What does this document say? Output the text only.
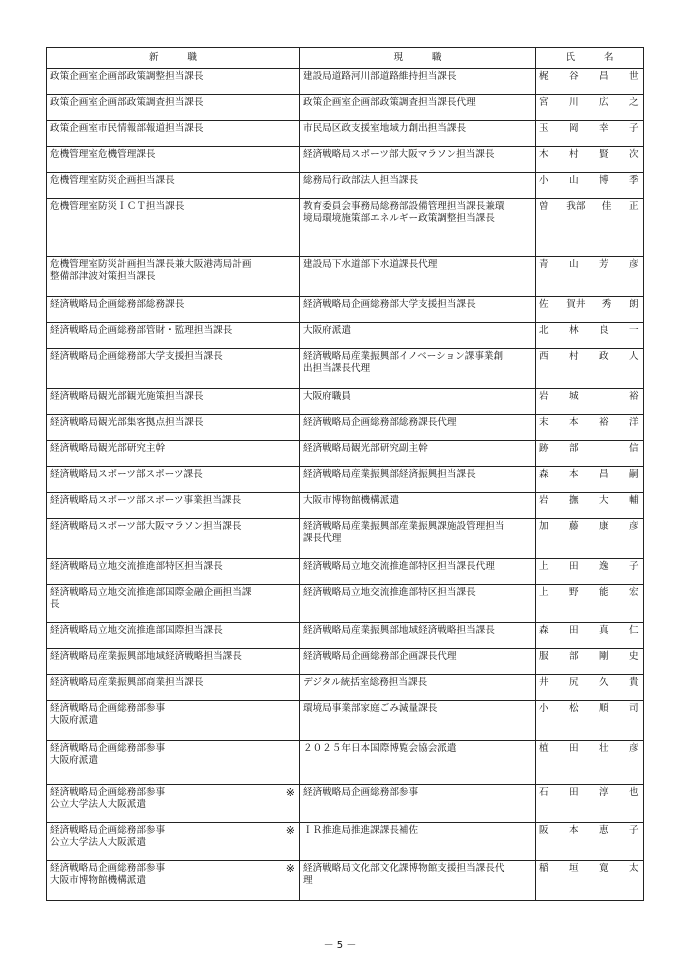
新　　　職	現　　　職	氏　　　名

政策企画室企画部政策調整担当課長	建設局道路河川部道路維持担当課長	梶 谷 昌 世

政策企画室企画部政策調査担当課長	政策企画室企画部政策調査担当課長代理	宮 川 広 之

政策企画室市民情報部報道担当課長	市民局区政支援室地域力創出担当課長	玉 岡 幸 子

危機管理室危機管理課長	経済戦略局スポーツ部大阪マラソン担当課長	木 村 賢 次

危機管理室防災企画担当課長	総務局行政部法人担当課長	小 山 博 季

危機管理室防災ＩＣＴ担当課長	教育委員会事務局総務部設備管理担当課長兼環
境局環境施策部エネルギー政策調整担当課長	曽 我部 佳 正

危機管理室防災計画担当課長兼大阪港湾局計画
整備部津波対策担当課長	建設局下水道部下水道課長代理	青 山 芳 彦

経済戦略局企画総務部総務課長	経済戦略局企画総務部大学支援担当課長	佐 賀井 秀 朗

経済戦略局企画総務部管財・監理担当課長	大阪府派遣	北 林 良 一

経済戦略局企画総務部大学支援担当課長	経済戦略局産業振興部イノベーション課事業創
出担当課長代理	西 村 政 人

経済戦略局観光部観光施策担当課長	大阪府職員	岩 城 裕

経済戦略局観光部集客拠点担当課長	経済戦略局企画総務部総務課長代理	末 本 裕 洋

経済戦略局観光部研究主幹	経済戦略局観光部研究副主幹	跡 部 信

経済戦略局スポーツ部スポーツ課長	経済戦略局産業振興部経済振興担当課長	森 本 昌 嗣

経済戦略局スポーツ部スポーツ事業担当課長	大阪市博物館機構派遣	岩 撫 大 輔

経済戦略局スポーツ部大阪マラソン担当課長	経済戦略局産業振興部産業振興課施設管理担当
課長代理	加 藤 康 彦

経済戦略局立地交流推進部特区担当課長	経済戦略局立地交流推進部特区担当課長代理	上 田 逸 子

経済戦略局立地交流推進部国際金融企画担当課
長	経済戦略局立地交流推進部特区担当課長	上 野 能 宏

経済戦略局立地交流推進部国際担当課長	経済戦略局産業振興部地域経済戦略担当課長	森 田 真 仁

経済戦略局産業振興部地域経済戦略担当課長	経済戦略局企画総務部企画課長代理	服 部 剛 史

経済戦略局産業振興部商業担当課長	デジタル統括室総務担当課長	井 尻 久 貴

経済戦略局企画総務部参事
大阪府派遣	環境局事業部家庭ごみ減量課長	小 松 順 司

経済戦略局企画総務部参事
大阪府派遣	２０２５年日本国際博覧会協会派遣	植 田 壮 彦

経済戦略局企画総務部参事
公立大学法人大阪派遣
※	経済戦略局企画総務部参事	石 田 淳 也

経済戦略局企画総務部参事
公立大学法人大阪派遣
※	ＩＲ推進局推進課課長補佐	阪 本 恵 子

経済戦略局企画総務部参事
大阪市博物館機構派遣
※	経済戦略局文化部文化課博物館支援担当課長代
理	稲 垣 寛 太
－ 5 －
